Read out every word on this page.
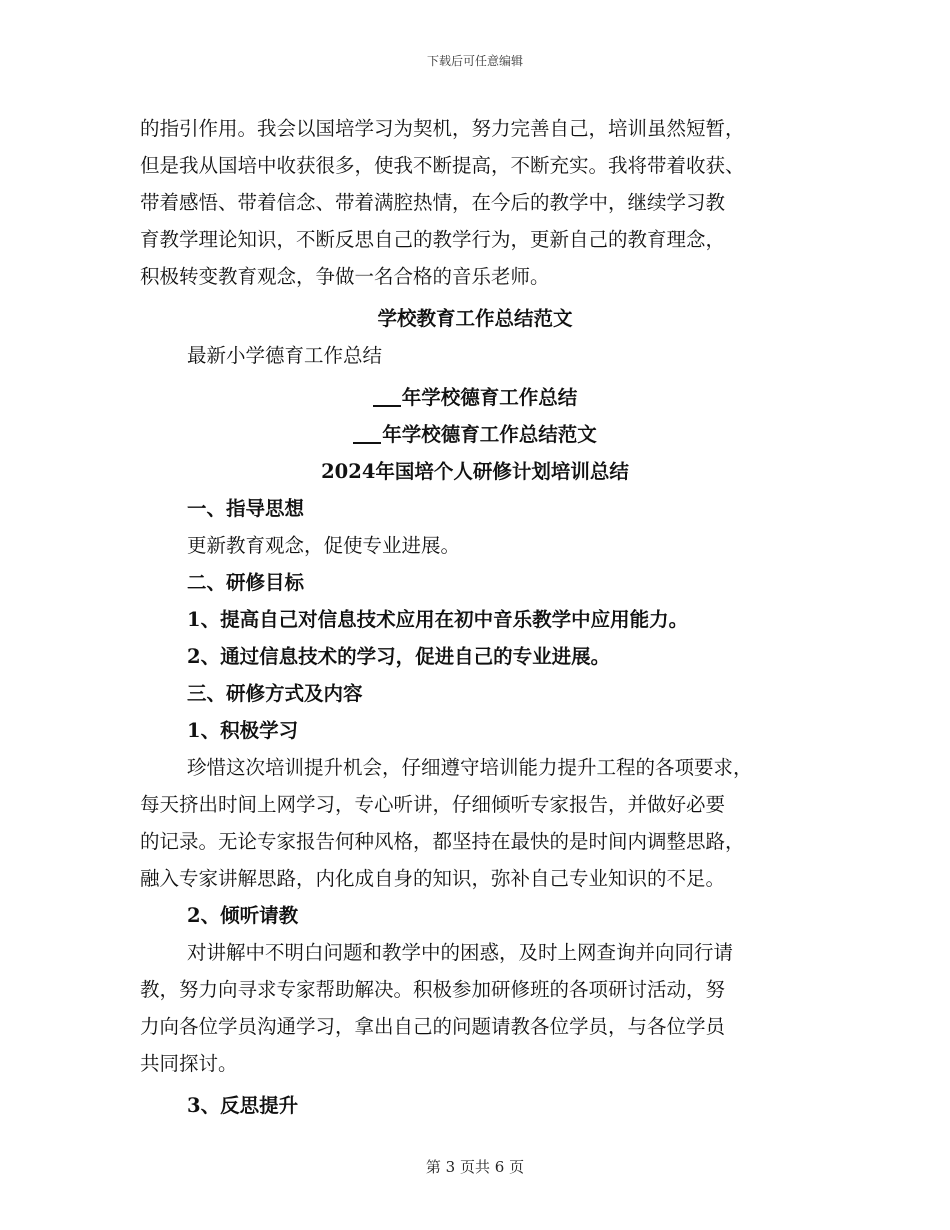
下载后可任意编辑
的指引作用。我会以国培学习为契机，努力完善自己，培训虽然短暂，
但是我从国培中收获很多，使我不断提高，不断充实。我将带着收获、
带着感悟、带着信念、带着满腔热情，在今后的教学中，继续学习教
育教学理论知识，不断反思自己的教学行为，更新自己的教育理念，
积极转变教育观念，争做一名合格的音乐老师。
学校教育工作总结范文
最新小学德育工作总结
年学校德育工作总结
年学校德育工作总结范文
2024年国培个人研修计划培训总结
一、指导思想
更新教育观念，促使专业进展。
二、研修目标
1、提高自己对信息技术应用在初中音乐教学中应用能力。
2、通过信息技术的学习，促进自己的专业进展。
三、研修方式及内容
1、积极学习
珍惜这次培训提升机会，仔细遵守培训能力提升工程的各项要求，
每天挤出时间上网学习，专心听讲，仔细倾听专家报告，并做好必要
的记录。无论专家报告何种风格，都坚持在最快的是时间内调整思路，
融入专家讲解思路，内化成自身的知识，弥补自己专业知识的不足。
2、倾听请教
对讲解中不明白问题和教学中的困惑，及时上网查询并向同行请
教，努力向寻求专家帮助解决。积极参加研修班的各项研讨活动，努
力向各位学员沟通学习，拿出自己的问题请教各位学员，与各位学员
共同探讨。
3、反思提升
第 3 页共 6 页
